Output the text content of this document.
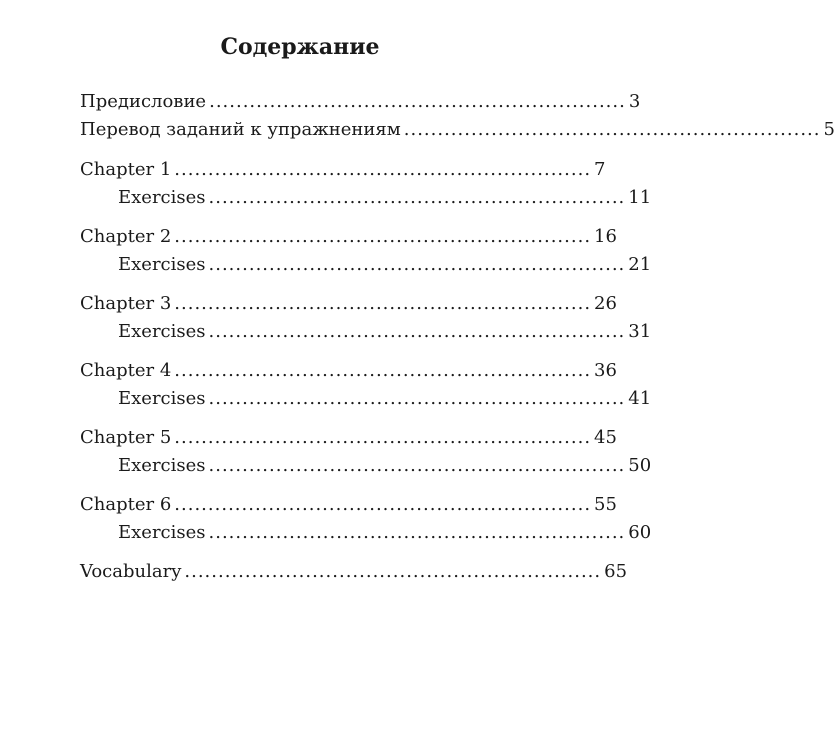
Содержание
Предисловие .............................................................. 3
Перевод заданий к упражнениям .............................................................. 5
Chapter 1 .............................................................. 7
Exercises .............................................................. 11
Chapter 2 .............................................................. 16
Exercises .............................................................. 21
Chapter 3 .............................................................. 26
Exercises .............................................................. 31
Chapter 4 .............................................................. 36
Exercises .............................................................. 41
Chapter 5 .............................................................. 45
Exercises .............................................................. 50
Chapter 6 .............................................................. 55
Exercises .............................................................. 60
Vocabulary .............................................................. 65
